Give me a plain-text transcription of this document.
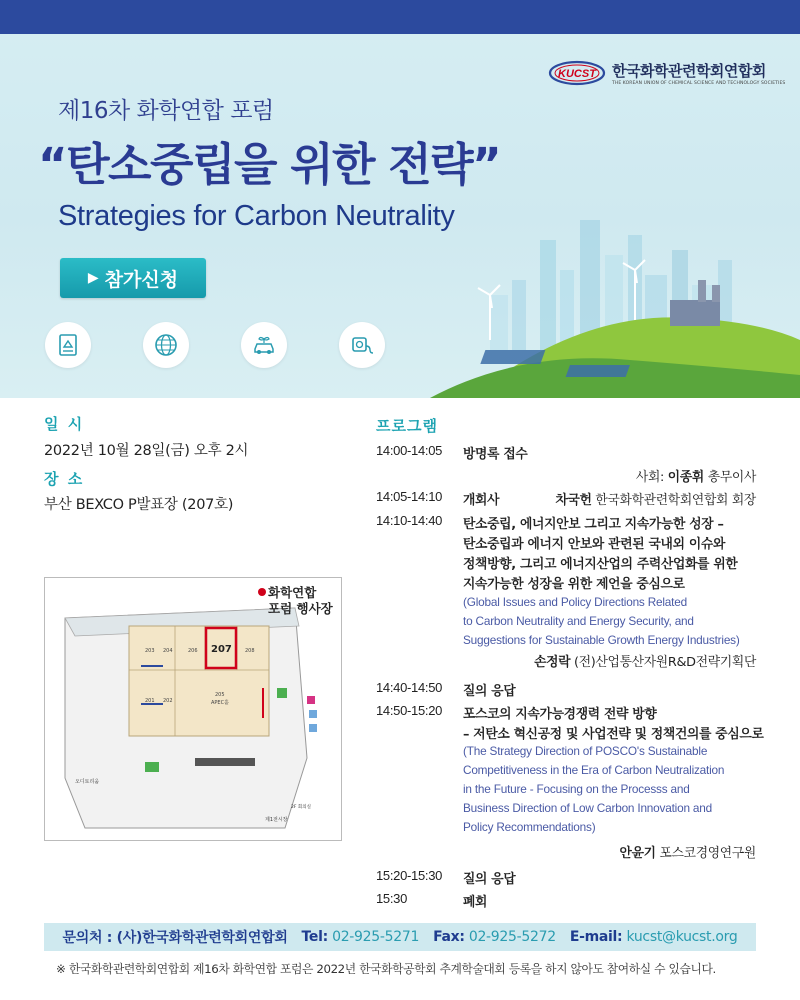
KUCST 한국화학관련학회연합회
THE KOREAN UNION OF CHEMICAL SCIENCE AND TECHNOLOGY SOCIETIES
제16차 화학연합 포럼
“탄소중립을 위한 전략”
Strategies for Carbon Neutrality
▶ 참가신청
일 시
2022년 10월 28일(금) 오후 2시
장 소
부산 BEXCO P발표장 (207호)
203 204	206 207	208
201 202
205
APEC홀
오디토리움
제1전시장
2F 회의실
화학연합
포럼 행사장
프로그램
14:00-14:05 방명록 접수
사회: 이종휘 총무이사
14:05-14:10 개회사	차국헌 한국화학관련학회연합회 회장
14:10-14:40 탄소중립, 에너지안보 그리고 지속가능한 성장 –
탄소중립과 에너지 안보와 관련된 국내외 이슈와
정책방향, 그리고 에너지산업의 주력산업화를 위한
지속가능한 성장을 위한 제언을 중심으로
(Global Issues and Policy Directions Related
to Carbon Neutrality and Energy Security, and
Suggestions for Sustainable Growth Energy Industries)
손정락 (전)산업통산자원R&D전략기획단
14:40-14:50 질의 응답
14:50-15:20 포스코의 지속가능경쟁력 전략 방향
– 저탄소 혁신공정 및 사업전략 및 정책건의를 중심으로
(The Strategy Direction of POSCO's Sustainable
Competitiveness in the Era of Carbon Neutralization
in the Future - Focusing on the Processs and
Business Direction of Low Carbon Innovation and
Policy Recommendations)
안윤기 포스코경영연구원
15:20-15:30 질의 응답
15:30	폐회
문의처 : (사)한국화학관련학회연합회 Tel: 02-925-5271 Fax: 02-925-5272 E-mail: kucst@kucst.org
※ 한국화학관련학회연합회 제16차 화학연합 포럼은 2022년 한국화학공학회 추계학술대회 등록을 하지 않아도 참여하실 수 있습니다.
